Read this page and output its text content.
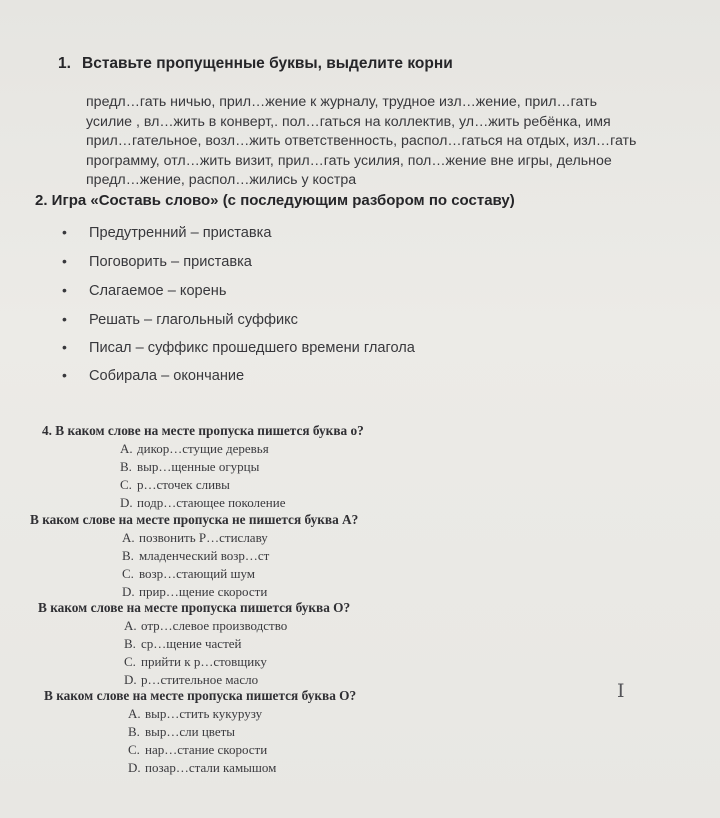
1. Вставьте пропущенные буквы, выделите корни
предл…гать ничью, прил…жение к журналу, трудное изл…жение, прил…гать
усилие , вл…жить в конверт,. пол…гаться на коллектив, ул…жить ребёнка, имя
прил…гательное, возл…жить ответственность, распол…гаться на отдых, изл…гать
программу, отл…жить визит, прил…гать усилия, пол…жение вне игры, дельное
предл…жение, распол…жились у костра
2. Игра «Составь слово» (с последующим разбором по составу)
• Предутренний – приставка
• Поговорить – приставка
• Слагаемое – корень
• Решать – глагольный суффикс
• Писал – суффикс прошедшего времени глагола
• Собирала – окончание
4. В каком слове на месте пропуска пишется буква о?
А. дикор…стущие деревья
В. выр…щенные огурцы
С. р…сточек сливы
D. подр…стающее поколение
В каком слове на месте пропуска не пишется буква А?
А. позвонить Р…стиславу
В. младенческий возр…ст
С. возр…стающий шум
D. прир…щение скорости
В каком слове на месте пропуска пишется буква О?
А. отр…слевое производство
В. ср…щение частей
С. прийти к р…стовщику
D. р…стительное масло
В каком слове на месте пропуска пишется буква О?
А. выр…стить кукурузу
В. выр…сли цветы
С. нар…стание скорости
D. позар…стали камышом
I
